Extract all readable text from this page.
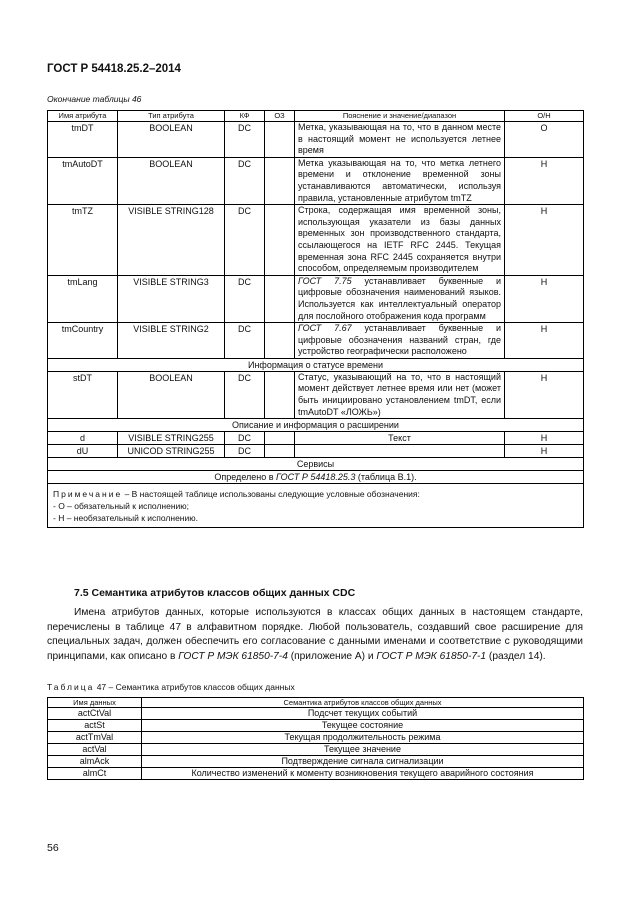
ГОСТ Р 54418.25.2–2014
Окончание таблицы 46
Имя атрибута	Тип атрибута	КФ	ОЗ	Пояснение и значение/диапазон	О/Н
tmDT	BOOLEAN	DC		Метка, указывающая на то, что в данном месте в настоящий момент не используется летнее время	О
tmAutoDT	BOOLEAN	DC		Метка указывающая на то, что метка летнего времени и отклонение временной зоны устанавливаются автоматически, используя правила, установленные атрибутом tmTZ	Н
tmTZ	VISIBLE STRING128	DC		Строка, содержащая имя временной зоны, использующая указатели из базы данных временных зон производственного стандарта, ссылающегося на IETF RFC 2445. Текущая временная зона RFC 2445 сохраняется внутри способом, определяемым производителем	Н
tmLang	VISIBLE STRING3	DC		ГОСТ 7.75 устанавливает буквенные и цифровые обозначения наименований языков. Используется как интеллектуальный оператор для послойного отображения кода программ	Н
tmCountry	VISIBLE STRING2	DC		ГОСТ 7.67 устанавливает буквенные и цифровые обозначения названий стран, где устройство географически расположено	Н
Информация о статусе времени					
stDT	BOOLEAN	DC		Статус, указывающий на то, что в настоящий момент действует летнее время или нет (может быть инициировано установлением tmDT, если tmAutoDT «ЛОЖЬ»)	Н
Описание и информация о расширении					
d	VISIBLE STRING255	DC		Текст	Н
dU	UNICOD STRING255	DC			Н
Сервисы					
Определено в ГОСТ Р 54418.25.3 (таблица В.1).					

Примечание – В настоящей таблице использованы следующие условные обозначения:
- О – обязательный к исполнению;
- Н – необязательный к исполнению.					
7.5 Семантика атрибутов классов общих данных CDC

Имена атрибутов данных, которые используются в классах общих данных в настоящем стандарте, перечислены в таблице 47 в алфавитном порядке. Любой пользователь, создавший свое расширение для специальных задач, должен обеспечить его согласование с данными именами и соответствие с руководящими принципами, как описано в ГОСТ Р МЭК 61850-7-4 (приложение А) и ГОСТ Р МЭК 61850-7-1 (раздел 14).

Таблица 47 – Семантика атрибутов классов общих данных
Имя данных	Семантика атрибутов классов общих данных
actCtVal	Подсчет текущих событий
actSt	Текущее состояние
actTmVal	Текущая продолжительность режима
actVal	Текущее значение
almAck	Подтверждение сигнала сигнализации
almCt	Количество изменений к моменту возникновения текущего аварийного состояния
56
